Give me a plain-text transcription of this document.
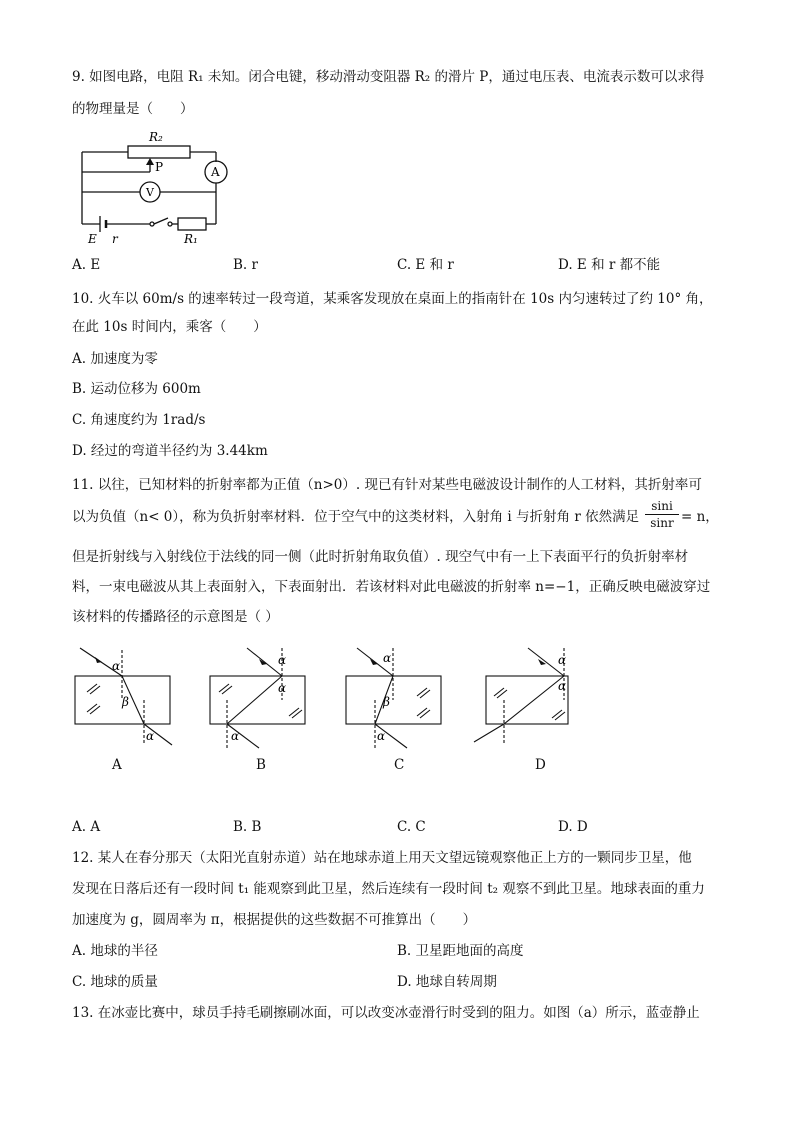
9. 如图电路，电阻 R₁ 未知。闭合电键，移动滑动变阻器 R₂ 的滑片 P，通过电压表、电流表示数可以求得
的物理量是（　　）
R₂
P	A
V
E r	R₁
A. E	B. r	C. E 和 r	D. E 和 r 都不能
10. 火车以 60m/s 的速率转过一段弯道，某乘客发现放在桌面上的指南针在 10s 内匀速转过了约 10° 角，
在此 10s 时间内，乘客（　　）
A. 加速度为零
B. 运动位移为 600m
C. 角速度约为 1rad/s
D. 经过的弯道半径约为 3.44km
11. 以往，已知材料的折射率都为正值（n>0）. 现已有针对某些电磁波设计制作的人工材料，其折射率可
以为负值（n< 0），称为负折射率材料．位于空气中的这类材料，入射角 i 与折射角 r 依然满足 $\frac{\sin i}{\sin r} = n$，
但是折射线与入射线位于法线的同一侧（此时折射角取负值）. 现空气中有一上下表面平行的负折射率材
料，一束电磁波从其上表面射入，下表面射出．若该材料对此电磁波的折射率 n=−1，正确反映电磁波穿过
该材料的传播路径的示意图是（ ）
α
β
α
α
α
α
α
β
α
α
α
A	B	C	D
A. A	B. B	C. C	D. D
12. 某人在春分那天（太阳光直射赤道）站在地球赤道上用天文望远镜观察他正上方的一颗同步卫星，他
发现在日落后还有一段时间 t₁ 能观察到此卫星，然后连续有一段时间 t₂ 观察不到此卫星。地球表面的重力
加速度为 g，圆周率为 π，根据提供的这些数据不可推算出（　　）
A. 地球的半径	B. 卫星距地面的高度
C. 地球的质量	D. 地球自转周期
13. 在冰壶比赛中，球员手持毛刷擦刷冰面，可以改变冰壶滑行时受到的阻力。如图（a）所示，蓝壶静止
